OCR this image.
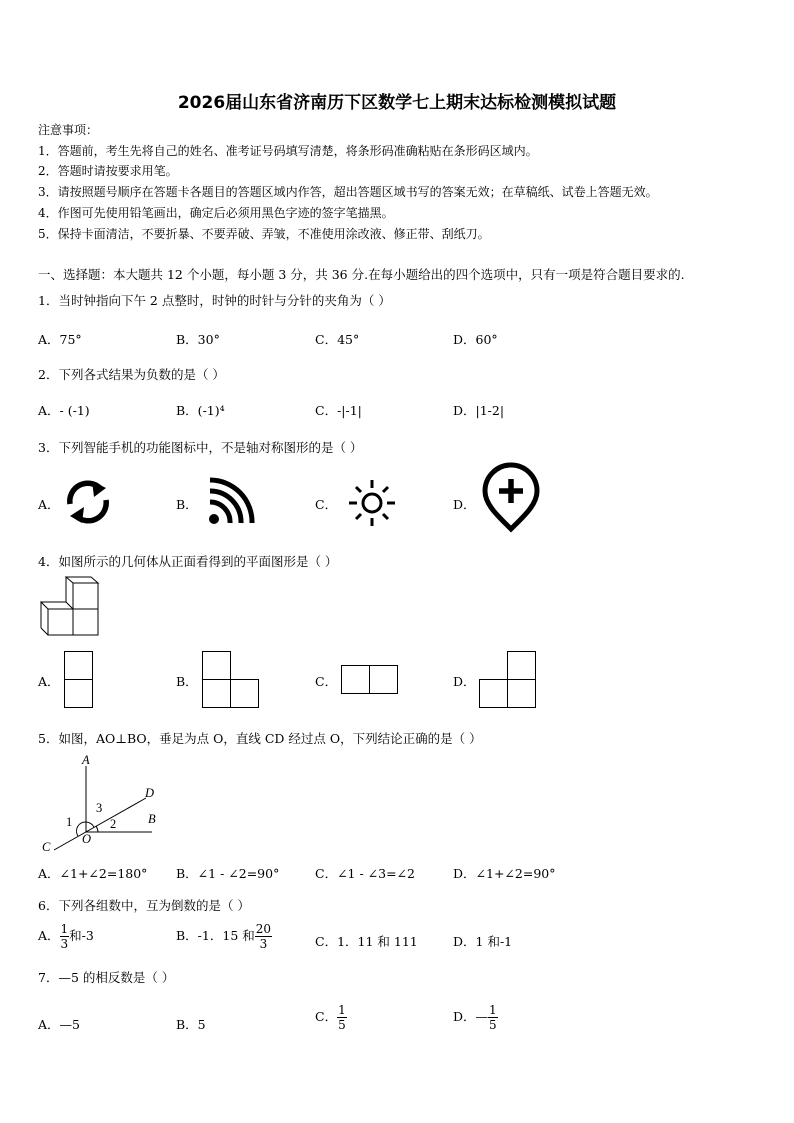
2026届山东省济南历下区数学七上期末达标检测模拟试题
注意事项：
1．答题前，考生先将自己的姓名、准考证号码填写清楚，将条形码准确粘贴在条形码区域内。
2．答题时请按要求用笔。
3．请按照题号顺序在答题卡各题目的答题区域内作答，超出答题区域书写的答案无效；在草稿纸、试卷上答题无效。
4．作图可先使用铅笔画出，确定后必须用黑色字迹的签字笔描黑。
5．保持卡面清洁，不要折暴、不要弄破、弄皱，不准使用涂改液、修正带、刮纸刀。
一、选择题：本大题共 12 个小题，每小题 3 分，共 36 分.在每小题给出的四个选项中，只有一项是符合题目要求的.
1．当时钟指向下午 2 点整时，时钟的时针与分针的夹角为（ ）
A．75°	B．30°	C．45°	D．60°
2．下列各式结果为负数的是（ ）
A．- (-1)	B．(-1)⁴	C．-|-1|	D．|1-2|
3．下列智能手机的功能图标中，不是轴对称图形的是（ ）
A．	B．	C．	D．
4．如图所示的几何体从正面看得到的平面图形是（ ）
A．	B．	C．	D．
5．如图，AO⊥BO，垂足为点 O，直线 CD 经过点 O，下列结论正确的是（ ）
A
D
B
C
O
1	2
3
A．∠1+∠2=180° B．∠1 - ∠2=90°	C．∠1 - ∠3=∠2	D．∠1+∠2=90°
6．下列各组数中，互为倒数的是（ ）
A． $\frac{1}{3}$ 和-3	B．-1．15 和 $\frac{20}{3}$	C．1．11 和 111	D．1 和-1
7．—5 的相反数是（ ）
A．—5	B．5
C． $\frac{1}{5}$	D．— $\frac{1}{5}$
